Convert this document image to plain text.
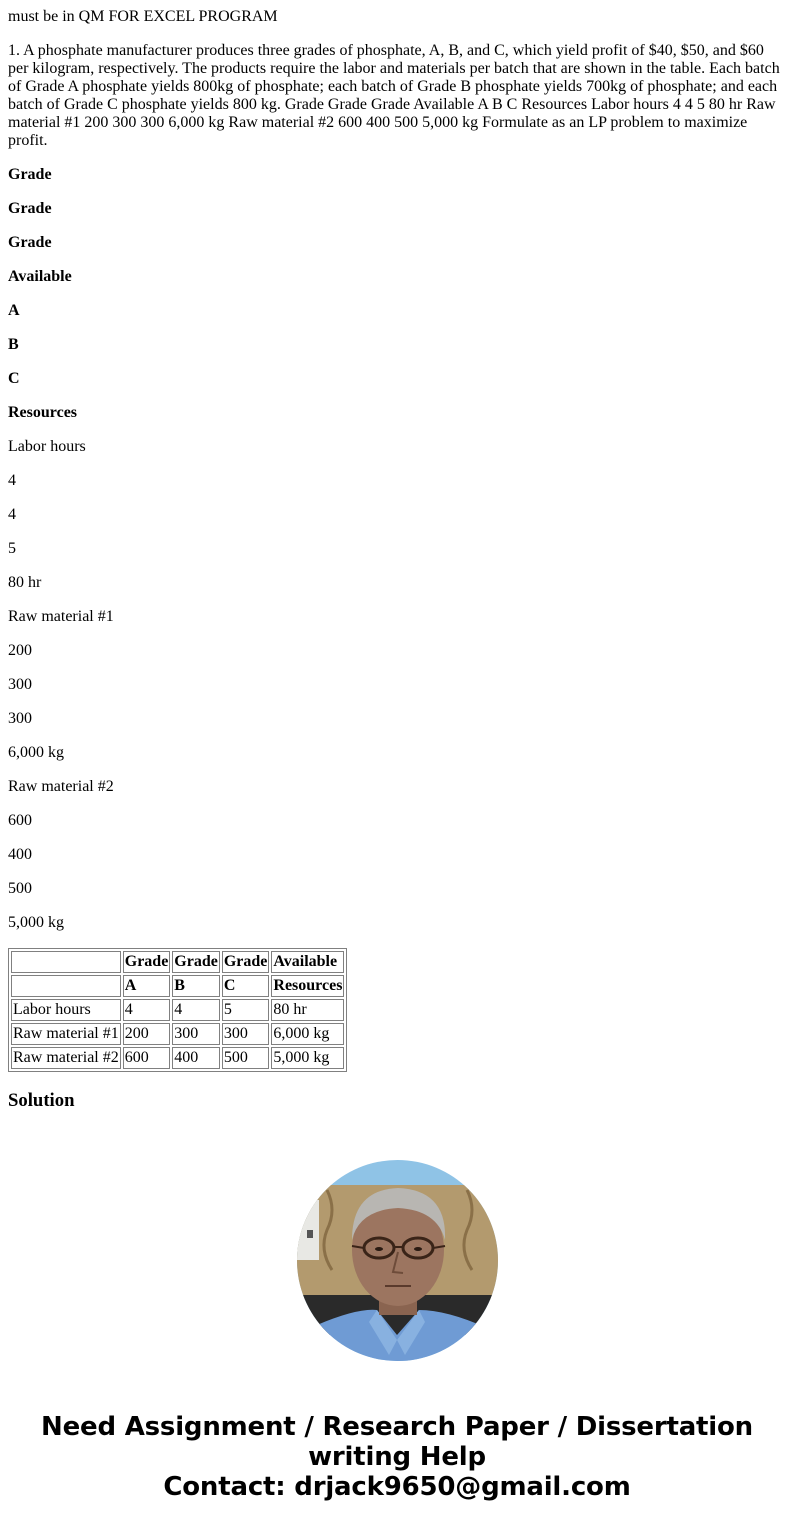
must be in QM FOR EXCEL PROGRAM

1. A phosphate manufacturer produces three grades of phosphate, A, B, and C, which yield profit of $40, $50, and $60 per kilogram, respectively. The products require the labor and materials per batch that are shown in the table. Each batch of Grade A phosphate yields 800kg of phosphate; each batch of Grade B phosphate yields 700kg of phosphate; and each batch of Grade C phosphate yields 800 kg. Grade Grade Grade Available A B C Resources Labor hours 4 4 5 80 hr Raw material #1 200 300 300 6,000 kg Raw material #2 600 400 500 5,000 kg Formulate as an LP problem to maximize profit.

Grade

Grade

Grade

Available

A

B

C

Resources

Labor hours

4

4

5

80 hr

Raw material #1

200

300

300

6,000 kg

Raw material #2

600

400

500

5,000 kg

	Grade	Grade	Grade	Available
	A	B	C	Resources
Labor hours	4	4	5	80 hr
Raw material #1	200	300	300	6,000 kg
Raw material #2	600	400	500	5,000 kg
Solution
Need Assignment / Research Paper / Dissertation
writing Help
Contact: drjack9650@gmail.com
